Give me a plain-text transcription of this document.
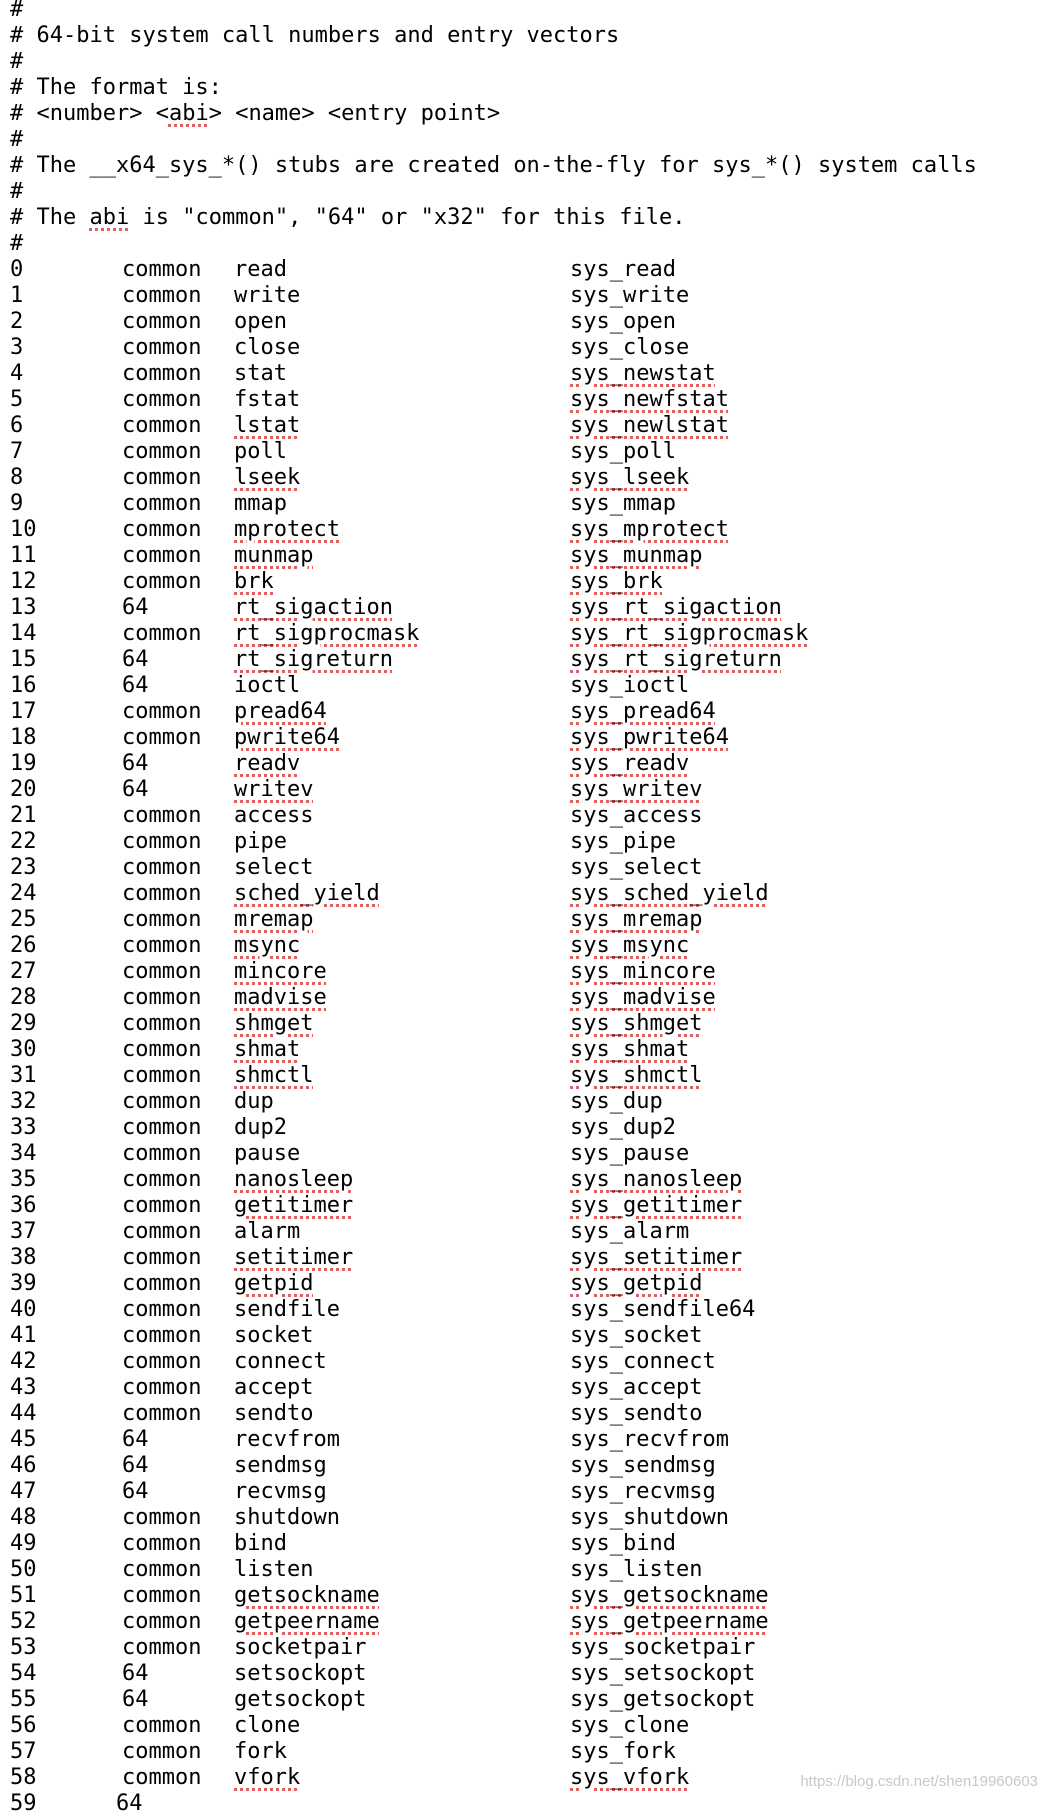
#
# 64-bit system call numbers and entry vectors
#
# The format is:
# <number> <abi> <name> <entry point>
#
# The __x64_sys_*() stubs are created on-the-fly for sys_*() system calls
#
# The abi is "common", "64" or "x32" for this file.
#
0	common read	sys_read
1	common write	sys_write
2	common open	sys_open
3	common close	sys_close
4	common stat	sys_newstat
5	common fstat	sys_newfstat
6	common lstat	sys_newlstat
7	common poll	sys_poll
8	common lseek	sys_lseek
9	common mmap	sys_mmap
10	common mprotect	sys_mprotect
11	common munmap	sys_munmap
12	common brk	sys_brk
13	64	rt_sigaction	sys_rt_sigaction
14	common rt_sigprocmask	sys_rt_sigprocmask
15	64	rt_sigreturn	sys_rt_sigreturn
16	64	ioctl	sys_ioctl
17	common pread64	sys_pread64
18	common pwrite64	sys_pwrite64
19	64	readv	sys_readv
20	64	writev	sys_writev
21	common access	sys_access
22	common pipe	sys_pipe
23	common select	sys_select
24	common sched_yield	sys_sched_yield
25	common mremap	sys_mremap
26	common msync	sys_msync
27	common mincore	sys_mincore
28	common madvise	sys_madvise
29	common shmget	sys_shmget
30	common shmat	sys_shmat
31	common shmctl	sys_shmctl
32	common dup	sys_dup
33	common dup2	sys_dup2
34	common pause	sys_pause
35	common nanosleep	sys_nanosleep
36	common getitimer	sys_getitimer
37	common alarm	sys_alarm
38	common setitimer	sys_setitimer
39	common getpid	sys_getpid
40	common sendfile	sys_sendfile64
41	common socket	sys_socket
42	common connect	sys_connect
43	common accept	sys_accept
44	common sendto	sys_sendto
45	64	recvfrom	sys_recvfrom
46	64	sendmsg	sys_sendmsg
47	64	recvmsg	sys_recvmsg
48	common shutdown	sys_shutdown
49	common bind	sys_bind
50	common listen	sys_listen
51	common getsockname	sys_getsockname
52	common getpeername	sys_getpeername
53	common socketpair	sys_socketpair
54	64	setsockopt	sys_setsockopt
55	64	getsockopt	sys_getsockopt
56	common clone	sys_clone
57	common fork	sys_fork
58	common vfork	sys_vfork
59      64
https://blog.csdn.net/shen19960603
